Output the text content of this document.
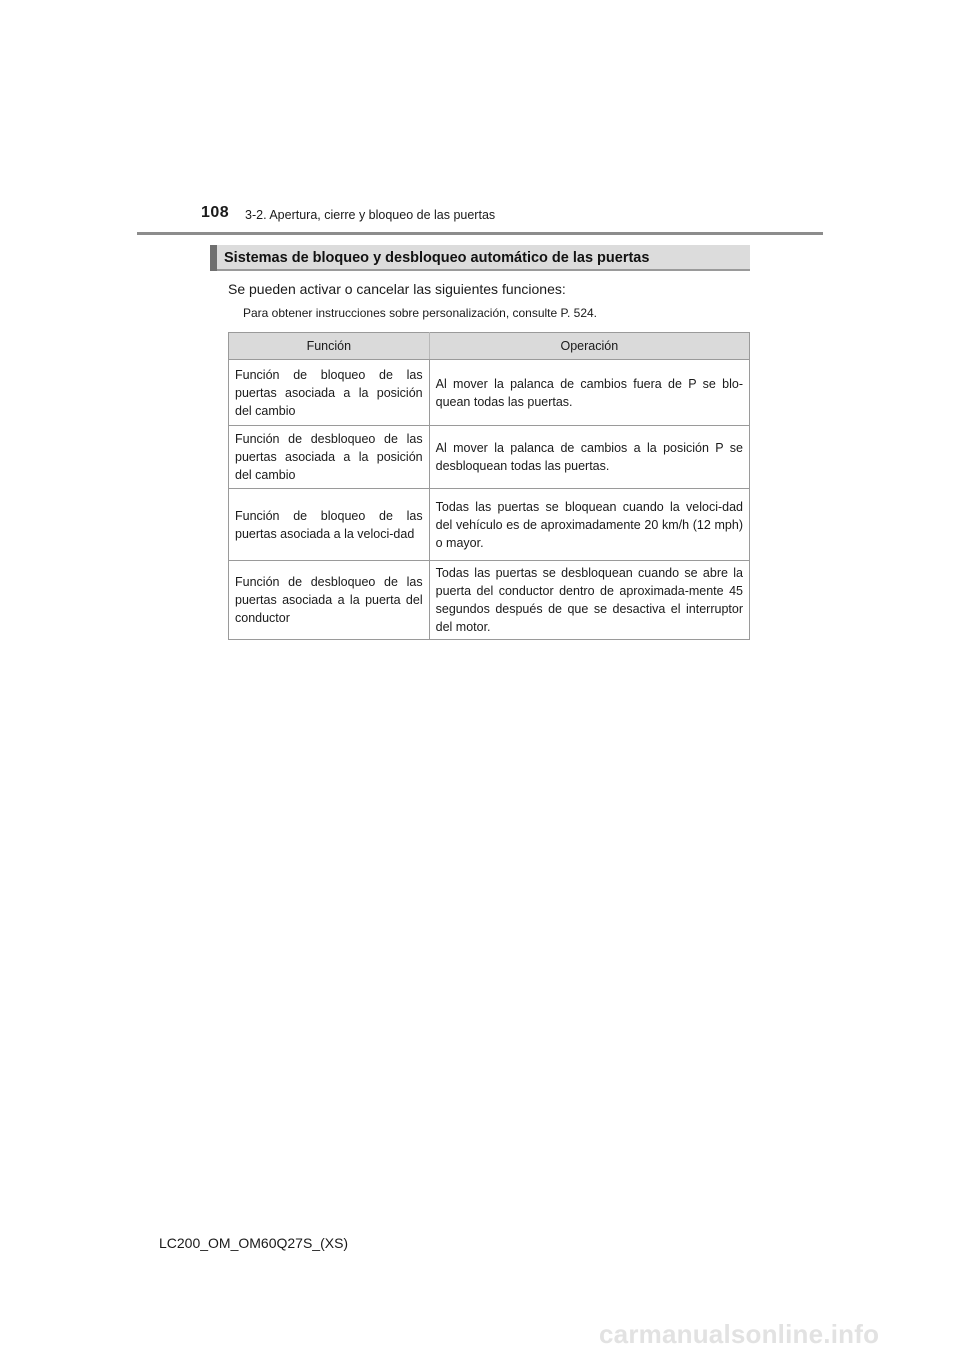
108 3-2. Apertura, cierre y bloqueo de las puertas
Sistemas de bloqueo y desbloqueo automático de las puertas
Se pueden activar o cancelar las siguientes funciones:
Para obtener instrucciones sobre personalización, consulte P. 524.
Función	Operación
Función de bloqueo de las puertas asociada a la posición del cambio	Al mover la palanca de cambios fuera de P se blo-quean todas las puertas.
Función de desbloqueo de las puertas asociada a la posición del cambio	Al mover la palanca de cambios a la posición P se desbloquean todas las puertas.
Función de bloqueo de las puertas asociada a la veloci-dad	Todas las puertas se bloquean cuando la veloci-dad del vehículo es de aproximadamente 20 km/h (12 mph) o mayor.
Función de desbloqueo de las puertas asociada a la puerta del conductor	Todas las puertas se desbloquean cuando se abre la puerta del conductor dentro de aproximada-mente 45 segundos después de que se desactiva el interruptor del motor.
LC200_OM_OM60Q27S_(XS)
carmanualsonline.info
